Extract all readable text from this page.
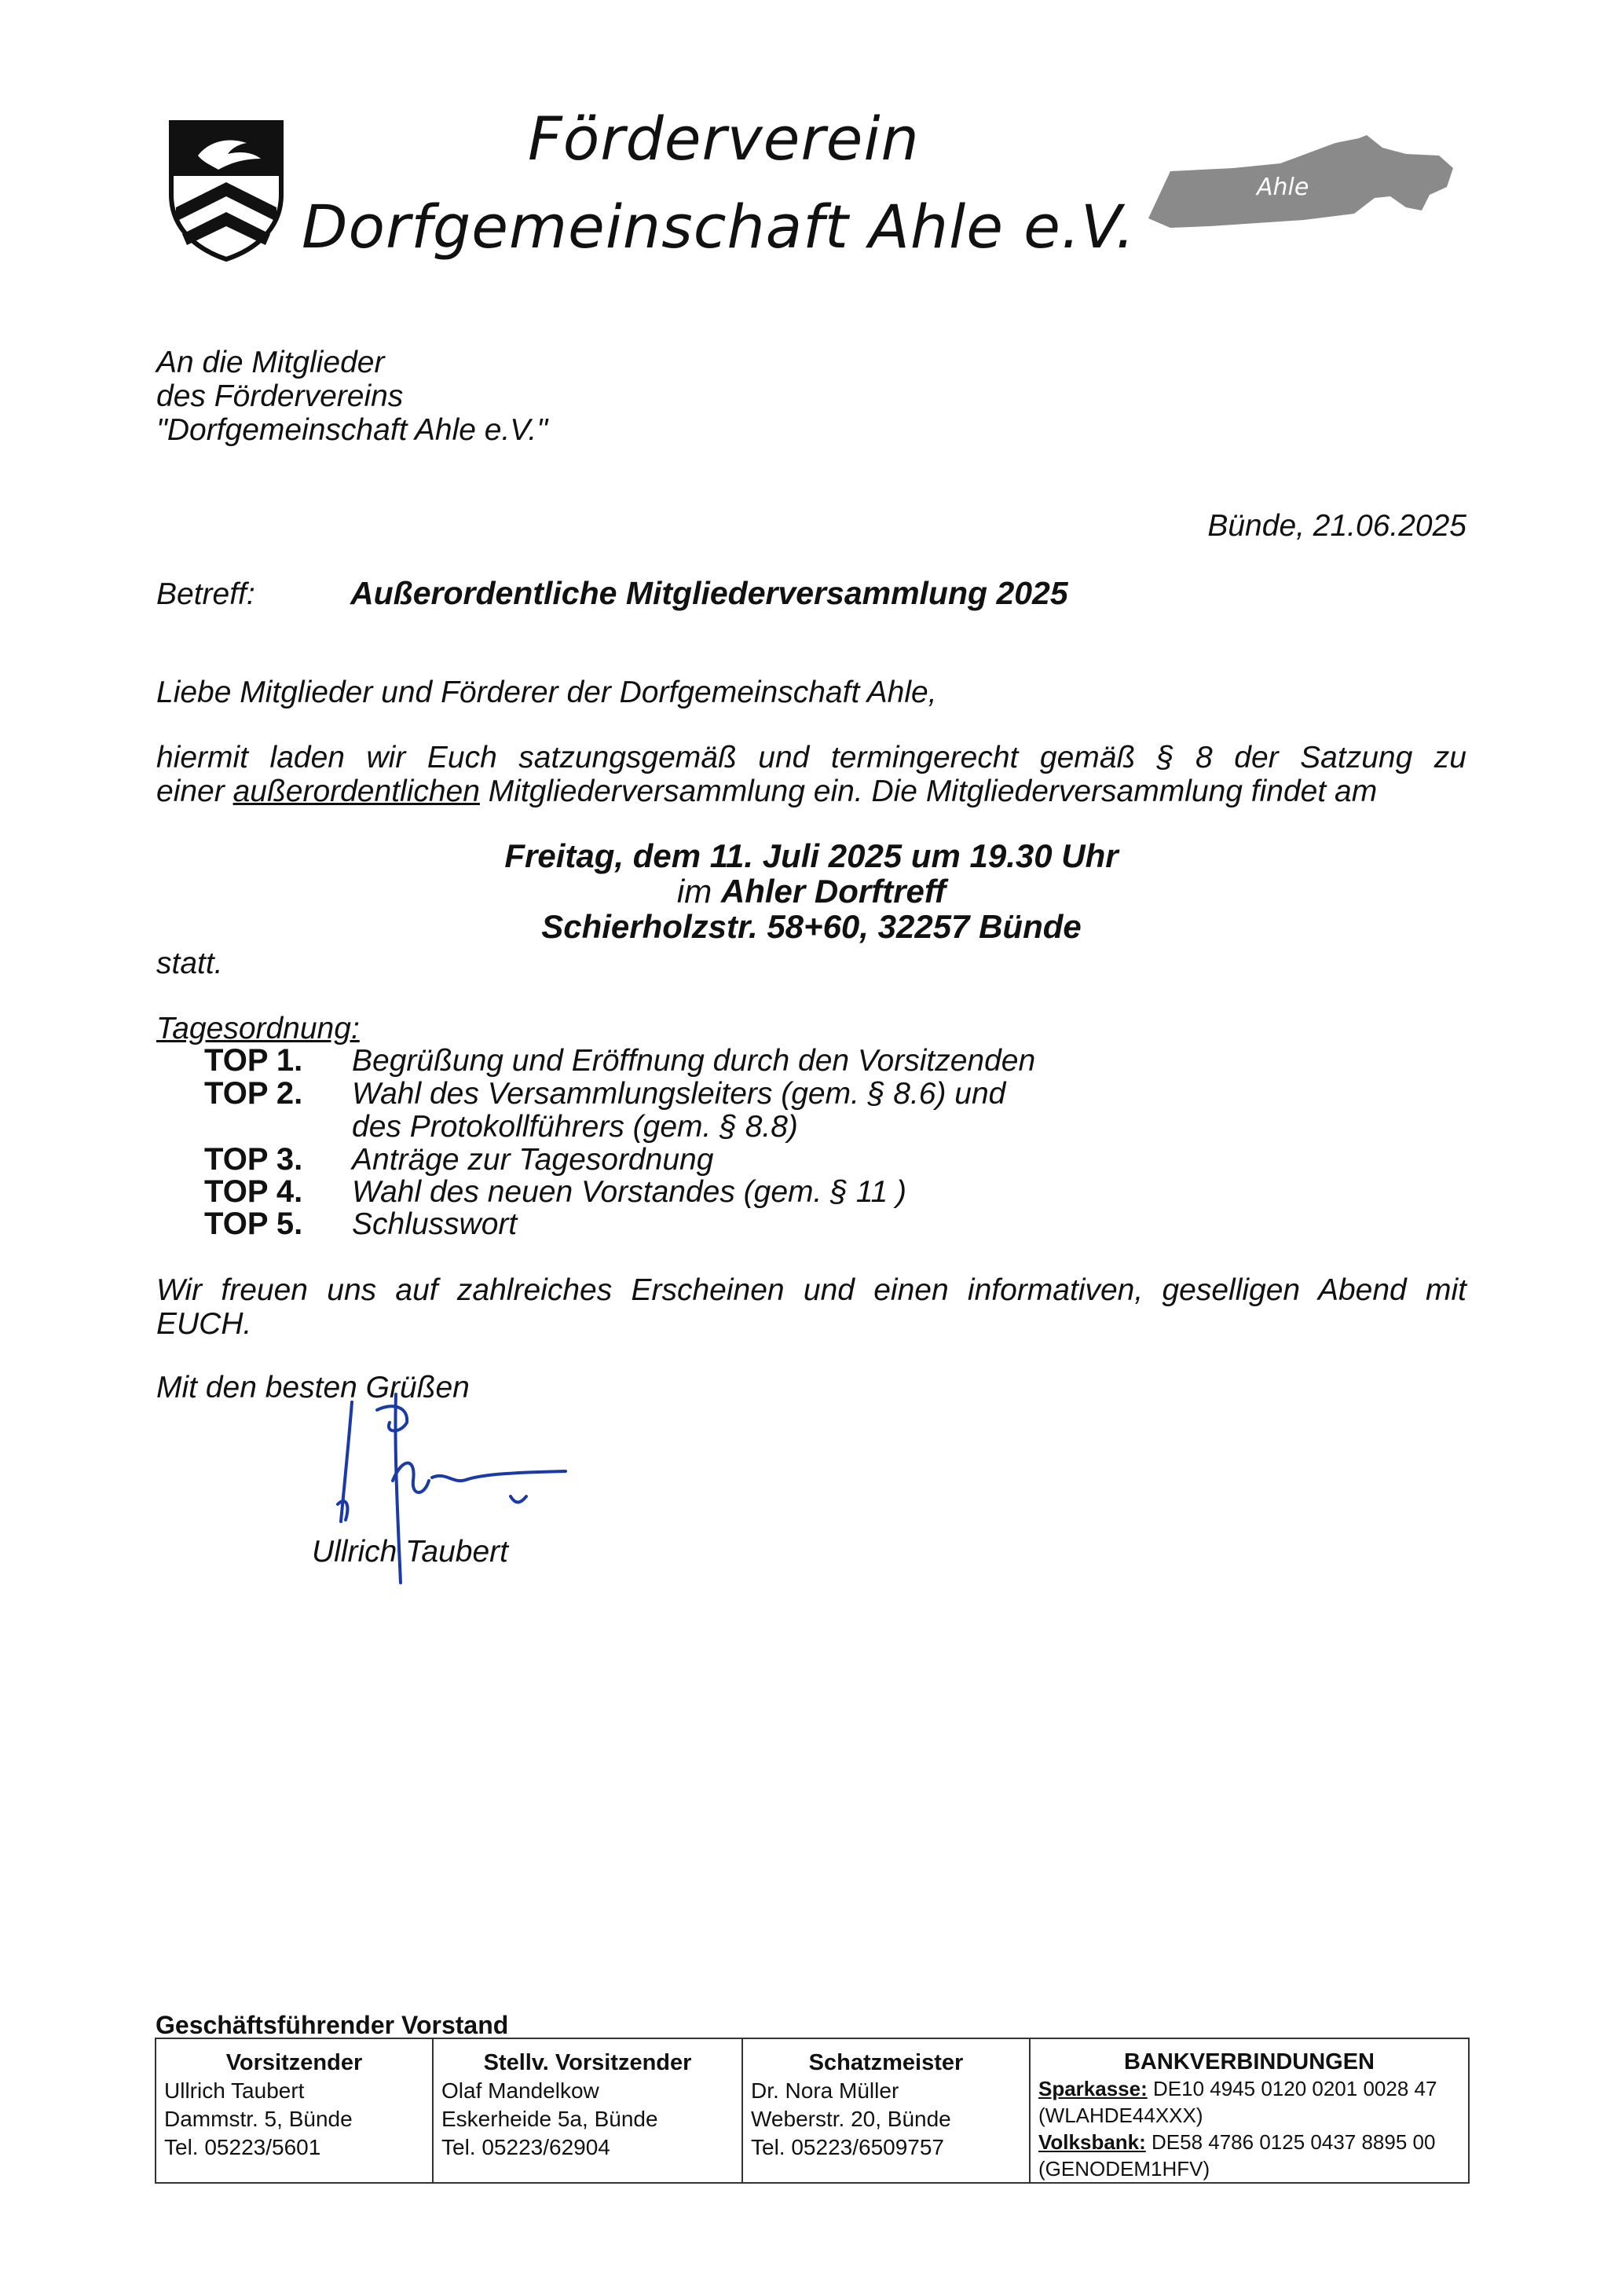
Förderverein
Dorfgemeinschaft Ahle e.V.
Ahle
An die Mitglieder
des Fördervereins
"Dorfgemeinschaft Ahle e.V."
Bünde, 21.06.2025
Betreff:	Außerordentliche Mitgliederversammlung 2025
Liebe Mitglieder und Förderer der Dorfgemeinschaft Ahle,
hiermit laden wir Euch satzungsgemäß und termingerecht gemäß § 8 der Satzung zu
einer außerordentlichen Mitgliederversammlung ein. Die Mitgliederversammlung findet am
Freitag, dem 11. Juli 2025 um 19.30 Uhr
im Ahler Dorftreff
Schierholzstr. 58+60, 32257 Bünde
statt.
Tagesordnung:
TOP 1. Begrüßung und Eröffnung durch den Vorsitzenden
TOP 2. Wahl des Versammlungsleiters (gem. § 8.6) und
des Protokollführers (gem. § 8.8)
TOP 3. Anträge zur Tagesordnung
TOP 4. Wahl des neuen Vorstandes (gem. § 11 )
TOP 5. Schlusswort
Wir freuen uns auf zahlreiches Erscheinen und einen informativen, geselligen Abend mit
EUCH.
Mit den besten Grüßen
Ullrich Taubert
Geschäftsführender Vorstand
Vorsitzender
Ullrich Taubert
Dammstr. 5, Bünde
Tel. 05223/5601
Stellv. Vorsitzender
Olaf Mandelkow
Eskerheide 5a, Bünde
Tel. 05223/62904
Schatzmeister
Dr. Nora Müller
Weberstr. 20, Bünde
Tel. 05223/6509757
BANKVERBINDUNGEN
Sparkasse: DE10 4945 0120 0201 0028 47
(WLAHDE44XXX)
Volksbank: DE58 4786 0125 0437 8895 00
(GENODEM1HFV)
